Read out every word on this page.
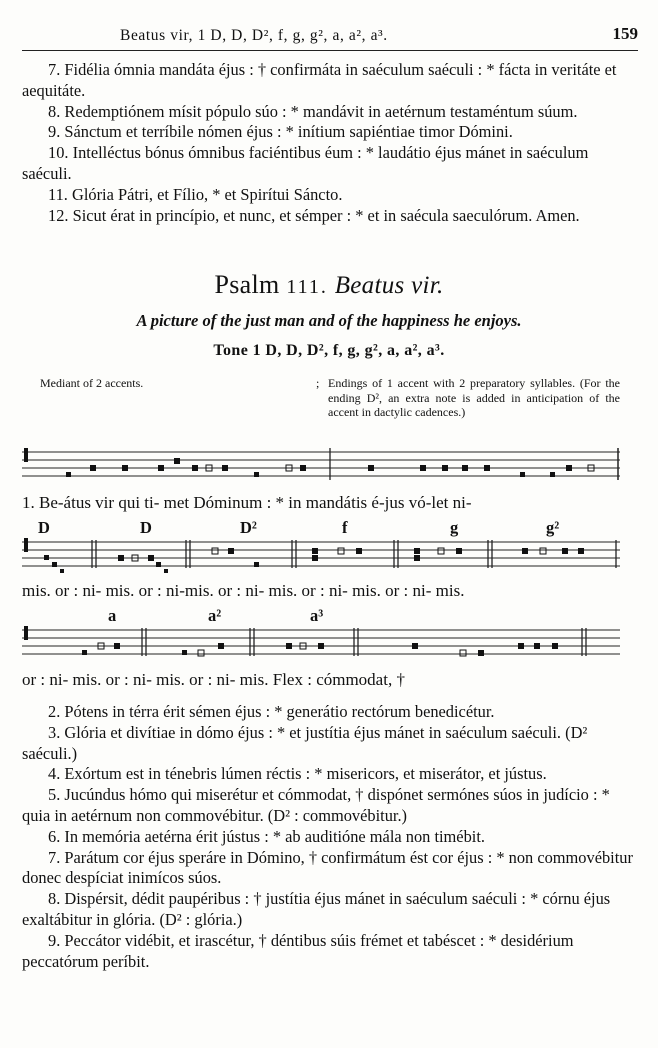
Beatus vir, 1 D, D, D², f, g, g², a, a², a³.	159

7. Fidélia ómnia mandáta éjus : † confirmáta in saéculum saéculi : * fácta in veritáte et aequitáte.

8. Redemptiónem mísit pópulo súo : * mandávit in aetérnum testaméntum súum.

9. Sánctum et terríbile nómen éjus : * inítium sapiéntiae timor Dómini.

10. Intelléctus bónus ómnibus faciéntibus éum : * laudátio éjus mánet in saéculum saéculi.

11. Glória Pátri, et Fílio, * et Spirítui Sáncto.

12. Sicut érat in princípio, et nunc, et sémper : * et in saécula saeculórum. Amen.

Psalm 111. Beatus vir.
A picture of the just man and of the happiness he enjoys.
Tone 1 D, D, D², f, g, g², a, a², a³.
Mediant of 2 accents.	; Endings of 1 accent with 2 preparatory syllables. (For the ending D², an extra note is added in anticipation of the accent in dactylic cadences.)
1. Be-átus vir qui ti- met Dóminum : * in mandátis é-jus vó-let ni-
D	D	D²	f	g	g²
mis. or : ni- mis. or : ni-mis. or : ni- mis. or : ni- mis. or : ni- mis.
a	a²	a³
or : ni- mis. or : ni- mis. or : ni- mis. Flex : cómmodat, †

2. Pótens in térra érit sémen éjus : * generátio rectórum benedicétur.

3. Glória et divítiae in dómo éjus : * et justítia éjus mánet in saéculum saéculi. (D² saéculi.)

4. Exórtum est in ténebris lúmen réctis : * misericors, et miserátor, et jústus.

5. Jucúndus hómo qui miserétur et cómmodat, † dispónet sermónes súos in judício : * quia in aetérnum non commovébitur. (D² : commovébitur.)

6. In memória aetérna érit jústus : * ab auditióne mála non timébit.

7. Parátum cor éjus speráre in Dómino, † confirmátum ést cor éjus : * non commovébitur donec despíciat inimícos súos.

8. Dispérsit, dédit paupéribus : † justítia éjus mánet in saéculum saéculi : * córnu éjus exaltábitur in glória. (D² : glória.)

9. Peccátor vidébit, et irascétur, † déntibus súis frémet et tabéscet : * desidérium peccatórum períbit.
